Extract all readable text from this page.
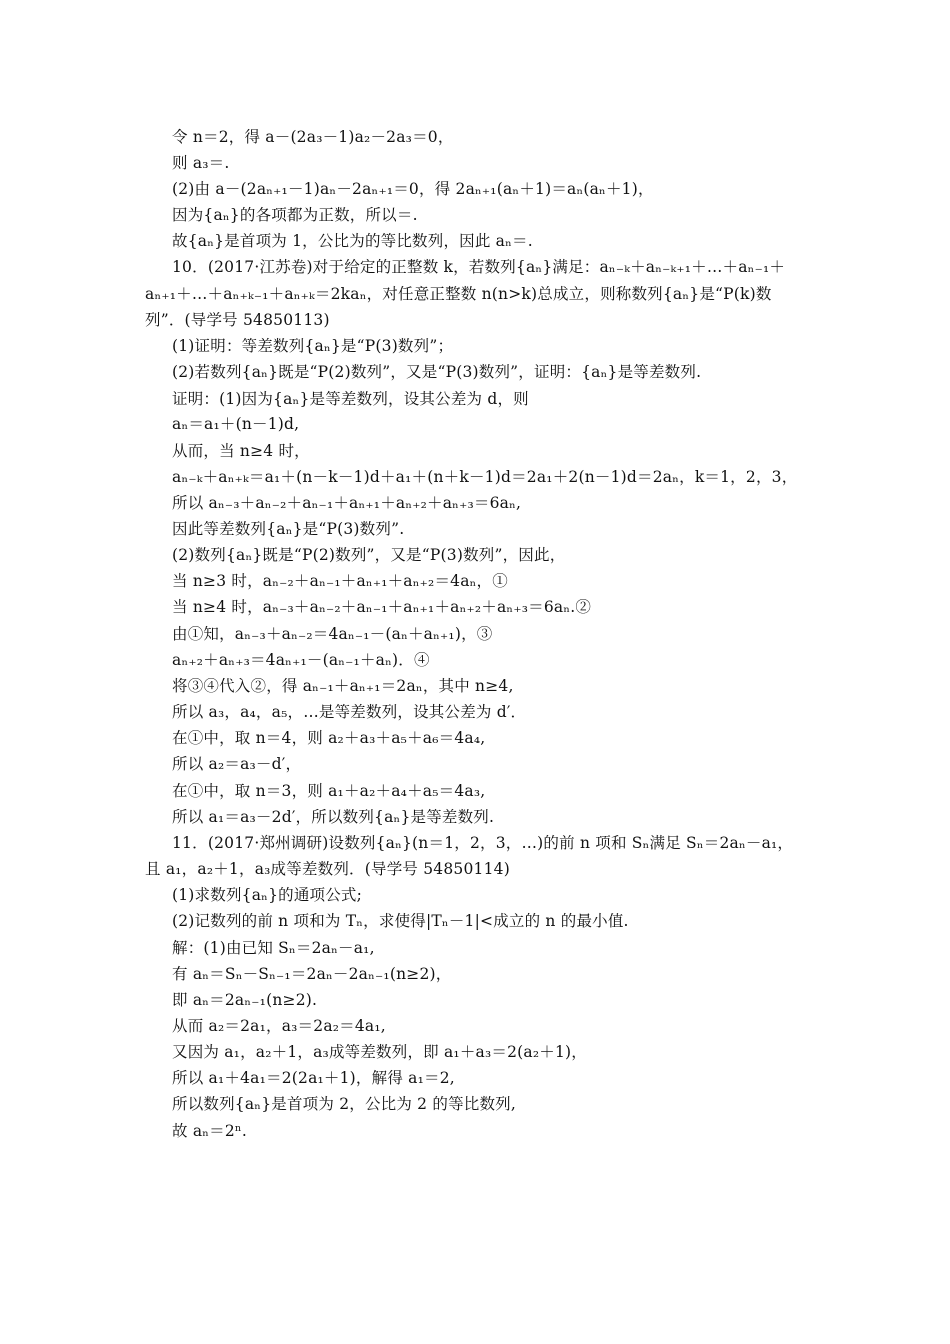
令 n＝2，得 a－(2a₃－1)a₂－2a₃＝0，
则 a₃＝.
(2)由 a－(2aₙ₊₁－1)aₙ－2aₙ₊₁＝0，得 2aₙ₊₁(aₙ＋1)＝aₙ(aₙ＋1)，
因为{aₙ}的各项都为正数，所以＝.
故{aₙ}是首项为 1，公比为的等比数列，因此 aₙ＝.
10．(2017·江苏卷)对于给定的正整数 k，若数列{aₙ}满足：aₙ₋ₖ＋aₙ₋ₖ₊₁＋…＋aₙ₋₁＋
aₙ₊₁＋…＋aₙ₊ₖ₋₁＋aₙ₊ₖ＝2kaₙ，对任意正整数 n(n>k)总成立，则称数列{aₙ}是“P(k)数
列”．(导学号 54850113)
(1)证明：等差数列{aₙ}是“P(3)数列”；
(2)若数列{aₙ}既是“P(2)数列”，又是“P(3)数列”，证明：{aₙ}是等差数列.
证明：(1)因为{aₙ}是等差数列，设其公差为 d，则
aₙ＝a₁＋(n－1)d,
从而，当 n≥4 时，
aₙ₋ₖ＋aₙ₊ₖ＝a₁＋(n－k－1)d＋a₁＋(n＋k－1)d＝2a₁＋2(n－1)d＝2aₙ，k＝1，2，3，
所以 aₙ₋₃＋aₙ₋₂＋aₙ₋₁＋aₙ₊₁＋aₙ₊₂＋aₙ₊₃＝6aₙ,
因此等差数列{aₙ}是“P(3)数列”.
(2)数列{aₙ}既是“P(2)数列”，又是“P(3)数列”，因此，
当 n≥3 时，aₙ₋₂＋aₙ₋₁＋aₙ₊₁＋aₙ₊₂＝4aₙ，①
当 n≥4 时，aₙ₋₃＋aₙ₋₂＋aₙ₋₁＋aₙ₊₁＋aₙ₊₂＋aₙ₊₃＝6aₙ.②
由①知，aₙ₋₃＋aₙ₋₂＝4aₙ₋₁－(aₙ＋aₙ₊₁)，③
aₙ₊₂＋aₙ₊₃＝4aₙ₊₁－(aₙ₋₁＋aₙ)．④
将③④代入②，得 aₙ₋₁＋aₙ₊₁＝2aₙ，其中 n≥4,
所以 a₃，a₄，a₅，…是等差数列，设其公差为 d′．
在①中，取 n＝4，则 a₂＋a₃＋a₅＋a₆＝4a₄,
所以 a₂＝a₃－d′，
在①中，取 n＝3，则 a₁＋a₂＋a₄＋a₅＝4a₃,
所以 a₁＝a₃－2d′，所以数列{aₙ}是等差数列.
11．(2017·郑州调研)设数列{aₙ}(n＝1，2，3，…)的前 n 项和 Sₙ满足 Sₙ＝2aₙ－a₁，
且 a₁，a₂＋1，a₃成等差数列．(导学号 54850114)
(1)求数列{aₙ}的通项公式;
(2)记数列的前 n 项和为 Tₙ，求使得|Tₙ－1|<成立的 n 的最小值.
解：(1)由已知 Sₙ＝2aₙ－a₁,
有 aₙ＝Sₙ－Sₙ₋₁＝2aₙ－2aₙ₋₁(n≥2)，
即 aₙ＝2aₙ₋₁(n≥2).
从而 a₂＝2a₁，a₃＝2a₂＝4a₁,
又因为 a₁，a₂＋1，a₃成等差数列，即 a₁＋a₃＝2(a₂＋1)，
所以 a₁＋4a₁＝2(2a₁＋1)，解得 a₁＝2,
所以数列{aₙ}是首项为 2，公比为 2 的等比数列,
故 aₙ＝2ⁿ.
